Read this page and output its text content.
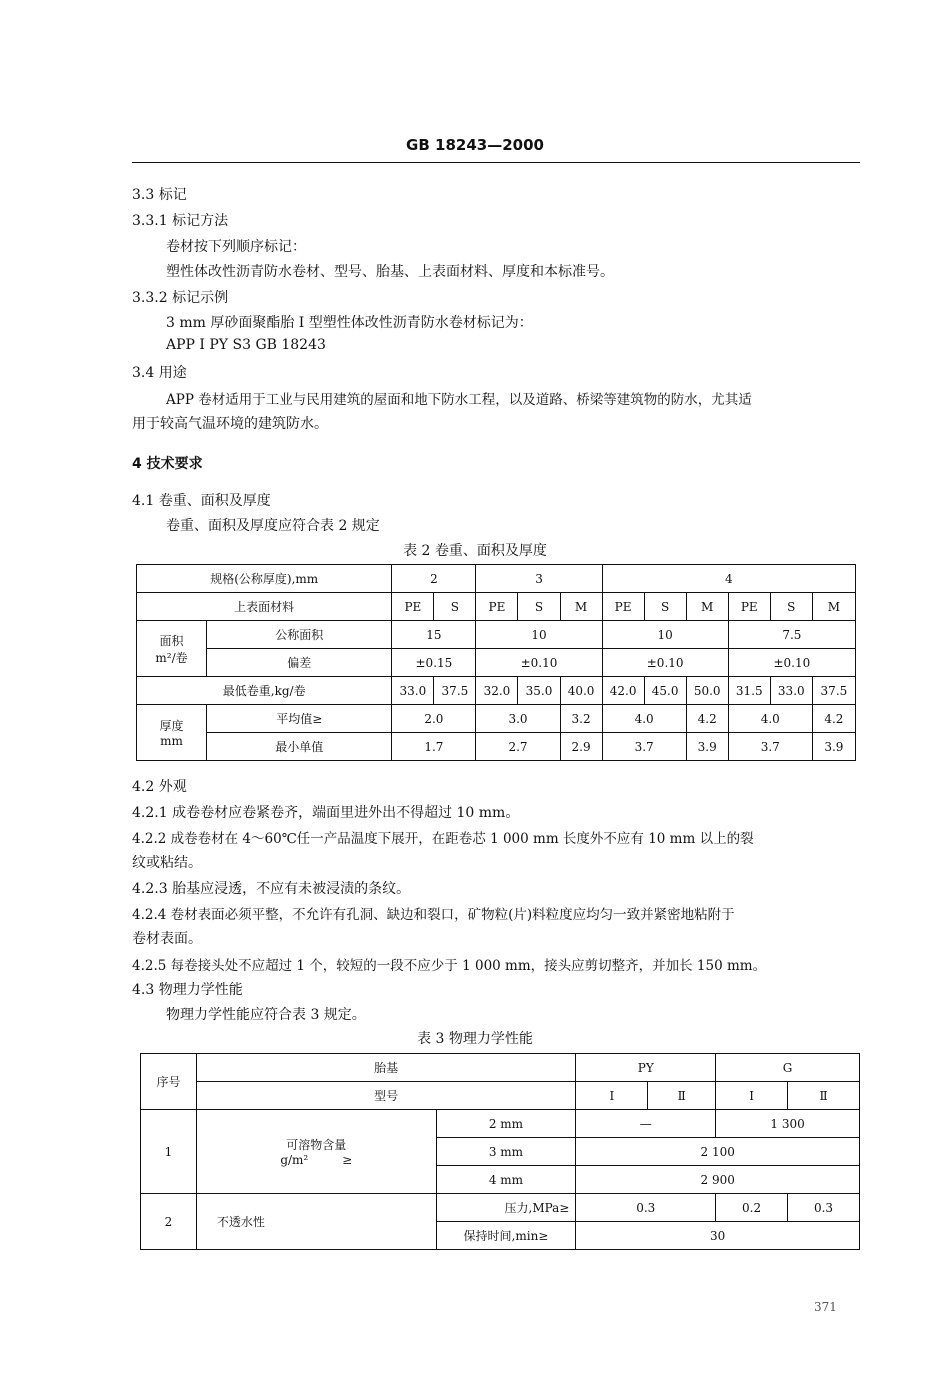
GB 18243—2000
3.3 标记
3.3.1 标记方法
卷材按下列顺序标记：
塑性体改性沥青防水卷材、型号、胎基、上表面材料、厚度和本标准号。
3.3.2 标记示例
3 mm 厚砂面聚酯胎 I 型塑性体改性沥青防水卷材标记为：
APP I PY S3 GB 18243
3.4 用途
APP 卷材适用于工业与民用建筑的屋面和地下防水工程，以及道路、桥梁等建筑物的防水，尤其适
用于较高气温环境的建筑防水。
4 技术要求
4.1 卷重、面积及厚度
卷重、面积及厚度应符合表 2 规定
表 2 卷重、面积及厚度
规格(公称厚度),mm		2		3			4					
上表面材料		PE	S	PE	S	M	PE	S	M	PE	S	M

面积
m²/卷	公称面积	15		10			10			7.5		
	偏差	±0.15		±0.10			±0.10			±0.10		
最低卷重,kg/卷		33.0	37.5	32.0	35.0	40.0	42.0	45.0	50.0	31.5	33.0	37.5

厚度
mm	平均值≥	2.0		3.0		3.2	4.0		4.2	4.0		4.2
	最小单值	1.7		2.7		2.9	3.7		3.9	3.7		3.9
4.2 外观
4.2.1 成卷卷材应卷紧卷齐，端面里进外出不得超过 10 mm。
4.2.2 成卷卷材在 4～60℃任一产品温度下展开，在距卷芯 1 000 mm 长度外不应有 10 mm 以上的裂
纹或粘结。
4.2.3 胎基应浸透，不应有未被浸渍的条纹。
4.2.4 卷材表面必须平整，不允许有孔洞、缺边和裂口，矿物粒(片)料粒度应均匀一致并紧密地粘附于
卷材表面。
4.2.5 每卷接头处不应超过 1 个，较短的一段不应少于 1 000 mm，接头应剪切整齐，并加长 150 mm。
4.3 物理力学性能
物理力学性能应符合表 3 规定。
表 3 物理力学性能
序号	胎基		PY		G	
	型号		I	Ⅱ	I	Ⅱ
1	可溶物含量
g/m² ≥	2 mm	—		1 300	
		3 mm	2 100			
		4 mm	2 900			
2	不透水性	压力,MPa≥	0.3		0.2	0.3
		保持时间,min≥	30			
371
